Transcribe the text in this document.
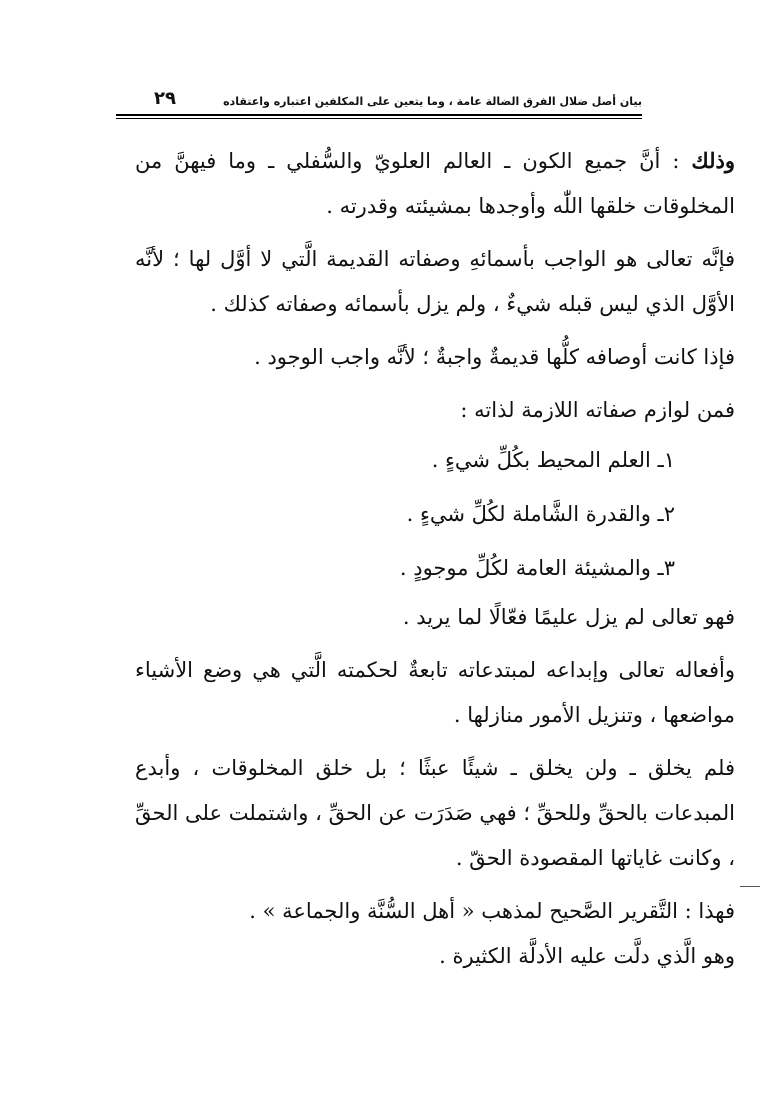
بيان أصل ضلال الفرق الضالة عامة ، وما يتعين على المكلفين اعتباره واعتقاده
٢٩

وذلك : أنَّ جميع الكون ـ العالم العلويّ والسُّفلي ـ وما فيهنَّ من المخلوقات خلقها اللّٰه وأوجدها بمشيئته وقدرته .

فإنَّه تعالى هو الواجب بأسمائهِ وصفاته القديمة الَّتي لا أوَّل لها ؛ لأنَّه الأوَّل الذي ليس قبله شيءٌ ، ولم يزل بأسمائه وصفاته كذلك .

فإذا كانت أوصافه كلُّها قديمةٌ واجبةٌ ؛ لأنَّه واجب الوجود .

فمن لوازم صفاته اللازمة لذاته :

١ـ العلم المحيط بكُلِّ شيءٍ .

٢ـ والقدرة الشَّاملة لكُلِّ شيءٍ .

٣ـ والمشيئة العامة لكُلِّ موجودٍ .

فهو تعالى لم يزل عليمًا فعّالًا لما يريد .

وأفعاله تعالى وإبداعه لمبتدعاته تابعةٌ لحكمته الَّتي هي وضع الأشياء مواضعها ، وتنزيل الأمور منازلها .

فلم يخلق ـ ولن يخلق ـ شيئًا عبثًا ؛ بل خلق المخلوقات ، وأبدع المبدعات بالحقِّ وللحقِّ ؛ فهي صَدَرَت عن الحقِّ ، واشتملت على الحقِّ ، وكانت غاياتها المقصودة الحقّ .

فهذا : التَّقرير الصَّحيح لمذهب « أهل السُّنَّة والجماعة » .

وهو الَّذي دلَّت عليه الأدلَّة الكثيرة .
